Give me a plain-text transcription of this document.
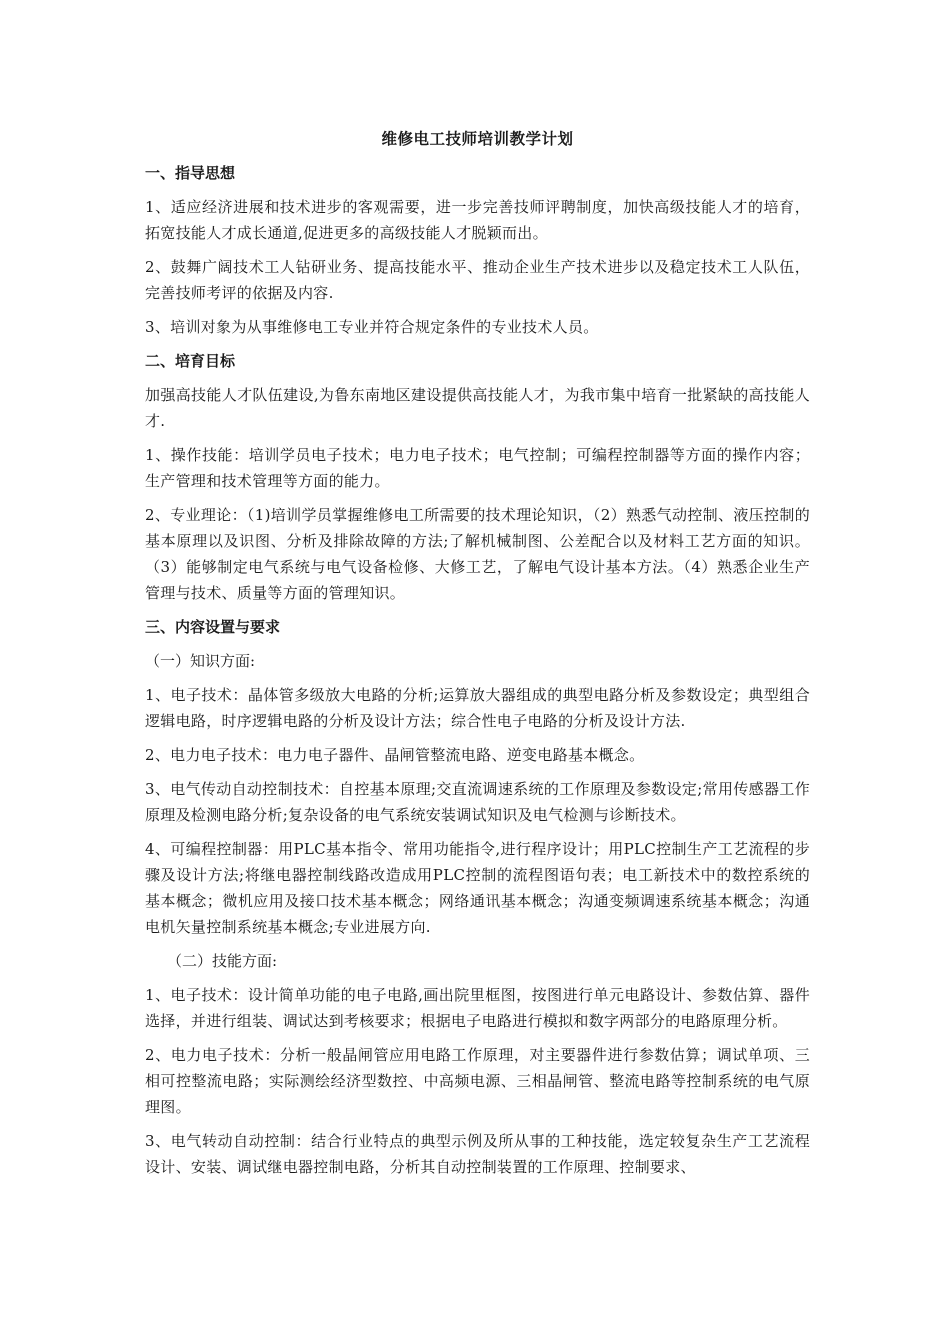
维修电工技师培训教学计划
一、指导思想
1、适应经济进展和技术进步的客观需要，进一步完善技师评聘制度，加快高级技能人才的培育，拓宽技能人才成长通道,促进更多的高级技能人才脱颖而出。
2、鼓舞广阔技术工人钻研业务、提高技能水平、推动企业生产技术进步以及稳定技术工人队伍，完善技师考评的依据及内容.
3、培训对象为从事维修电工专业并符合规定条件的专业技术人员。
二、培育目标
加强高技能人才队伍建设,为鲁东南地区建设提供高技能人才，为我市集中培育一批紧缺的高技能人才.
1、操作技能：培训学员电子技术；电力电子技术；电气控制；可编程控制器等方面的操作内容；生产管理和技术管理等方面的能力。
2、专业理论：（1)培训学员掌握维修电工所需要的技术理论知识，（2）熟悉气动控制、液压控制的基本原理以及识图、分析及排除故障的方法;了解机械制图、公差配合以及材料工艺方面的知识。（3）能够制定电气系统与电气设备检修、大修工艺，了解电气设计基本方法。（4）熟悉企业生产管理与技术、质量等方面的管理知识。
三、内容设置与要求
（一）知识方面:
1、电子技术：晶体管多级放大电路的分析;运算放大器组成的典型电路分析及参数设定；典型组合逻辑电路，时序逻辑电路的分析及设计方法；综合性电子电路的分析及设计方法.
2、电力电子技术：电力电子器件、晶闸管整流电路、逆变电路基本概念。
3、电气传动自动控制技术：自控基本原理;交直流调速系统的工作原理及参数设定;常用传感器工作原理及检测电路分析;复杂设备的电气系统安装调试知识及电气检测与诊断技术。
4、可编程控制器：用PLC基本指令、常用功能指令,进行程序设计；用PLC控制生产工艺流程的步骤及设计方法;将继电器控制线路改造成用PLC控制的流程图语句表；电工新技术中的数控系统的基本概念；微机应用及接口技术基本概念；网络通讯基本概念；沟通变频调速系统基本概念；沟通电机矢量控制系统基本概念;专业进展方向.
（二）技能方面:
1、电子技术：设计简单功能的电子电路,画出院里框图，按图进行单元电路设计、参数估算、器件选择，并进行组装、调试达到考核要求；根据电子电路进行模拟和数字两部分的电路原理分析。
2、电力电子技术：分析一般晶闸管应用电路工作原理，对主要器件进行参数估算；调试单项、三相可控整流电路；实际测绘经济型数控、中高频电源、三相晶闸管、整流电路等控制系统的电气原理图。
3、电气转动自动控制：结合行业特点的典型示例及所从事的工种技能，选定较复杂生产工艺流程设计、安装、调试继电器控制电路，分析其自动控制装置的工作原理、控制要求、
